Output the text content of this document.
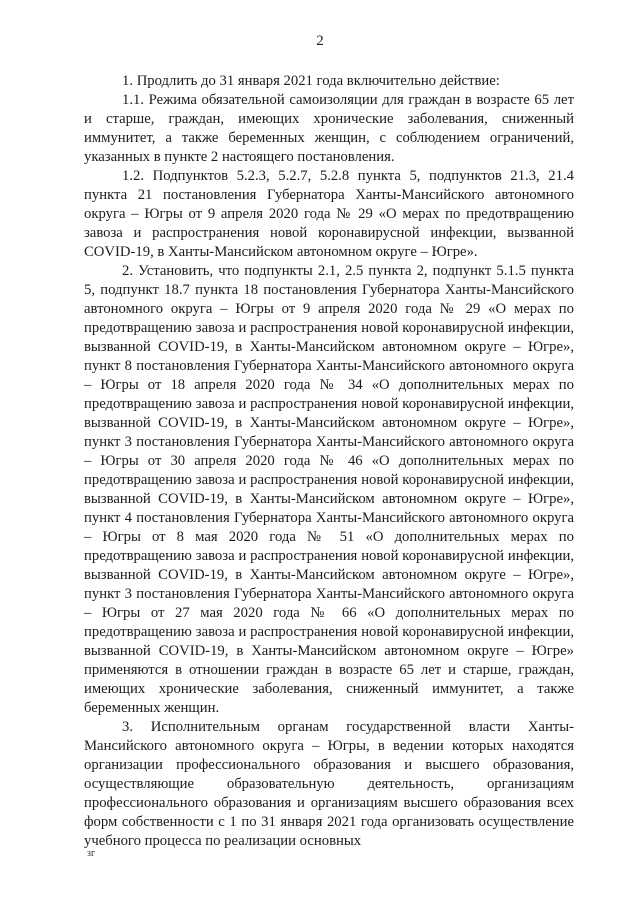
2

1. Продлить до 31 января 2021 года включительно действие:

1.1. Режима обязательной самоизоляции для граждан в возрасте 65 лет и старше, граждан, имеющих хронические заболевания, сниженный иммунитет, а также беременных женщин, с соблюдением ограничений, указанных в пункте 2 настоящего постановления.

1.2. Подпунктов 5.2.3, 5.2.7, 5.2.8 пункта 5, подпунктов 21.3, 21.4 пункта 21 постановления Губернатора Ханты-Мансийского автономного округа – Югры от 9 апреля 2020 года № 29 «О мерах по предотвращению завоза и распространения новой коронавирусной инфекции, вызванной COVID-19, в Ханты-Мансийском автономном округе – Югре».

2. Установить, что подпункты 2.1, 2.5 пункта 2, подпункт 5.1.5 пункта 5, подпункт 18.7 пункта 18 постановления Губернатора Ханты-Мансийского автономного округа – Югры от 9 апреля 2020 года № 29 «О мерах по предотвращению завоза и распространения новой коронавирусной инфекции, вызванной COVID-19, в Ханты-Мансийском автономном округе – Югре», пункт 8 постановления Губернатора Ханты-Мансийского автономного округа – Югры от 18 апреля 2020 года № 34 «О дополнительных мерах по предотвращению завоза и распространения новой коронавирусной инфекции, вызванной COVID-19, в Ханты-Мансийском автономном округе – Югре», пункт 3 постановления Губернатора Ханты-Мансийского автономного округа – Югры от 30 апреля 2020 года № 46 «О дополнительных мерах по предотвращению завоза и распространения новой коронавирусной инфекции, вызванной COVID-19, в Ханты-Мансийском автономном округе – Югре», пункт 4 постановления Губернатора Ханты-Мансийского автономного округа – Югры от 8 мая 2020 года № 51 «О дополнительных мерах по предотвращению завоза и распространения новой коронавирусной инфекции, вызванной COVID-19, в Ханты-Мансийском автономном округе – Югре», пункт 3 постановления Губернатора Ханты-Мансийского автономного округа – Югры от 27 мая 2020 года № 66 «О дополнительных мерах по предотвращению завоза и распространения новой коронавирусной инфекции, вызванной COVID-19, в Ханты-Мансийском автономном округе – Югре» применяются в отношении граждан в возрасте 65 лет и старше, граждан, имеющих хронические заболевания, сниженный иммунитет, а также беременных женщин.

3. Исполнительным органам государственной власти Ханты-Мансийского автономного округа – Югры, в ведении которых находятся организации профессионального образования и высшего образования, осуществляющие образовательную деятельность, организациям профессионального образования и организациям высшего образования всех форм собственности с 1 по 31 января 2021 года организовать осуществление учебного процесса по реализации основных

зг
